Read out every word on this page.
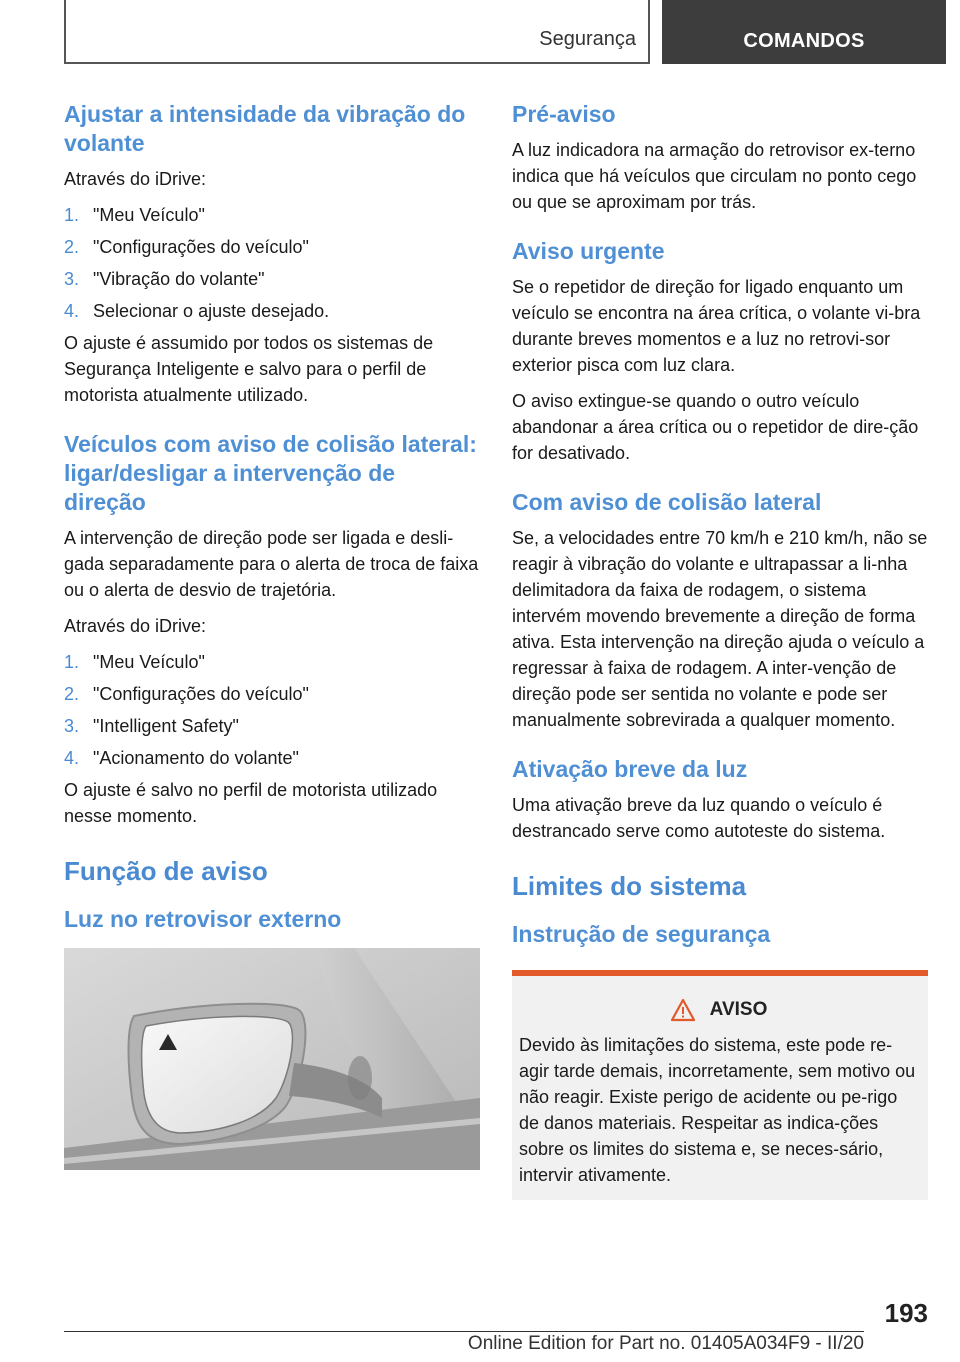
Segurança	COMANDOS
Ajustar a intensidade da vibração do volante

Através do iDrive:

1. "Meu Veículo"
2. "Configurações do veículo"
3. "Vibração do volante"
4. Selecionar o ajuste desejado.

O ajuste é assumido por todos os sistemas de Segurança Inteligente e salvo para o perfil de motorista atualmente utilizado.

Veículos com aviso de colisão lateral: ligar/desligar a intervenção de direção

A intervenção de direção pode ser ligada e desli-gada separadamente para o alerta de troca de faixa ou o alerta de desvio de trajetória.

Através do iDrive:

1. "Meu Veículo"
2. "Configurações do veículo"
3. "Intelligent Safety"
4. "Acionamento do volante"

O ajuste é salvo no perfil de motorista utilizado nesse momento.

Função de aviso
Luz no retrovisor externo
Pré-aviso

A luz indicadora na armação do retrovisor ex-terno indica que há veículos que circulam no ponto cego ou que se aproximam por trás.

Aviso urgente

Se o repetidor de direção for ligado enquanto um veículo se encontra na área crítica, o volante vi-bra durante breves momentos e a luz no retrovi-sor exterior pisca com luz clara.

O aviso extingue-se quando o outro veículo abandonar a área crítica ou o repetidor de dire-ção for desativado.

Com aviso de colisão lateral

Se, a velocidades entre 70 km/h e 210 km/h, não se reagir à vibração do volante e ultrapassar a li-nha delimitadora da faixa de rodagem, o sistema intervém movendo brevemente a direção de forma ativa. Esta intervenção na direção ajuda o veículo a regressar à faixa de rodagem. A inter-venção de direção pode ser sentida no volante e pode ser manualmente sobrevirada a qualquer momento.

Ativação breve da luz

Uma ativação breve da luz quando o veículo é destrancado serve como autoteste do sistema.

Limites do sistema
Instrução de segurança
AVISO

Devido às limitações do sistema, este pode re-agir tarde demais, incorretamente, sem motivo ou não reagir. Existe perigo de acidente ou pe-rigo de danos materiais. Respeitar as indica-ções sobre os limites do sistema e, se neces-sário, intervir ativamente.

193
Online Edition for Part no. 01405A034F9 - II/20
